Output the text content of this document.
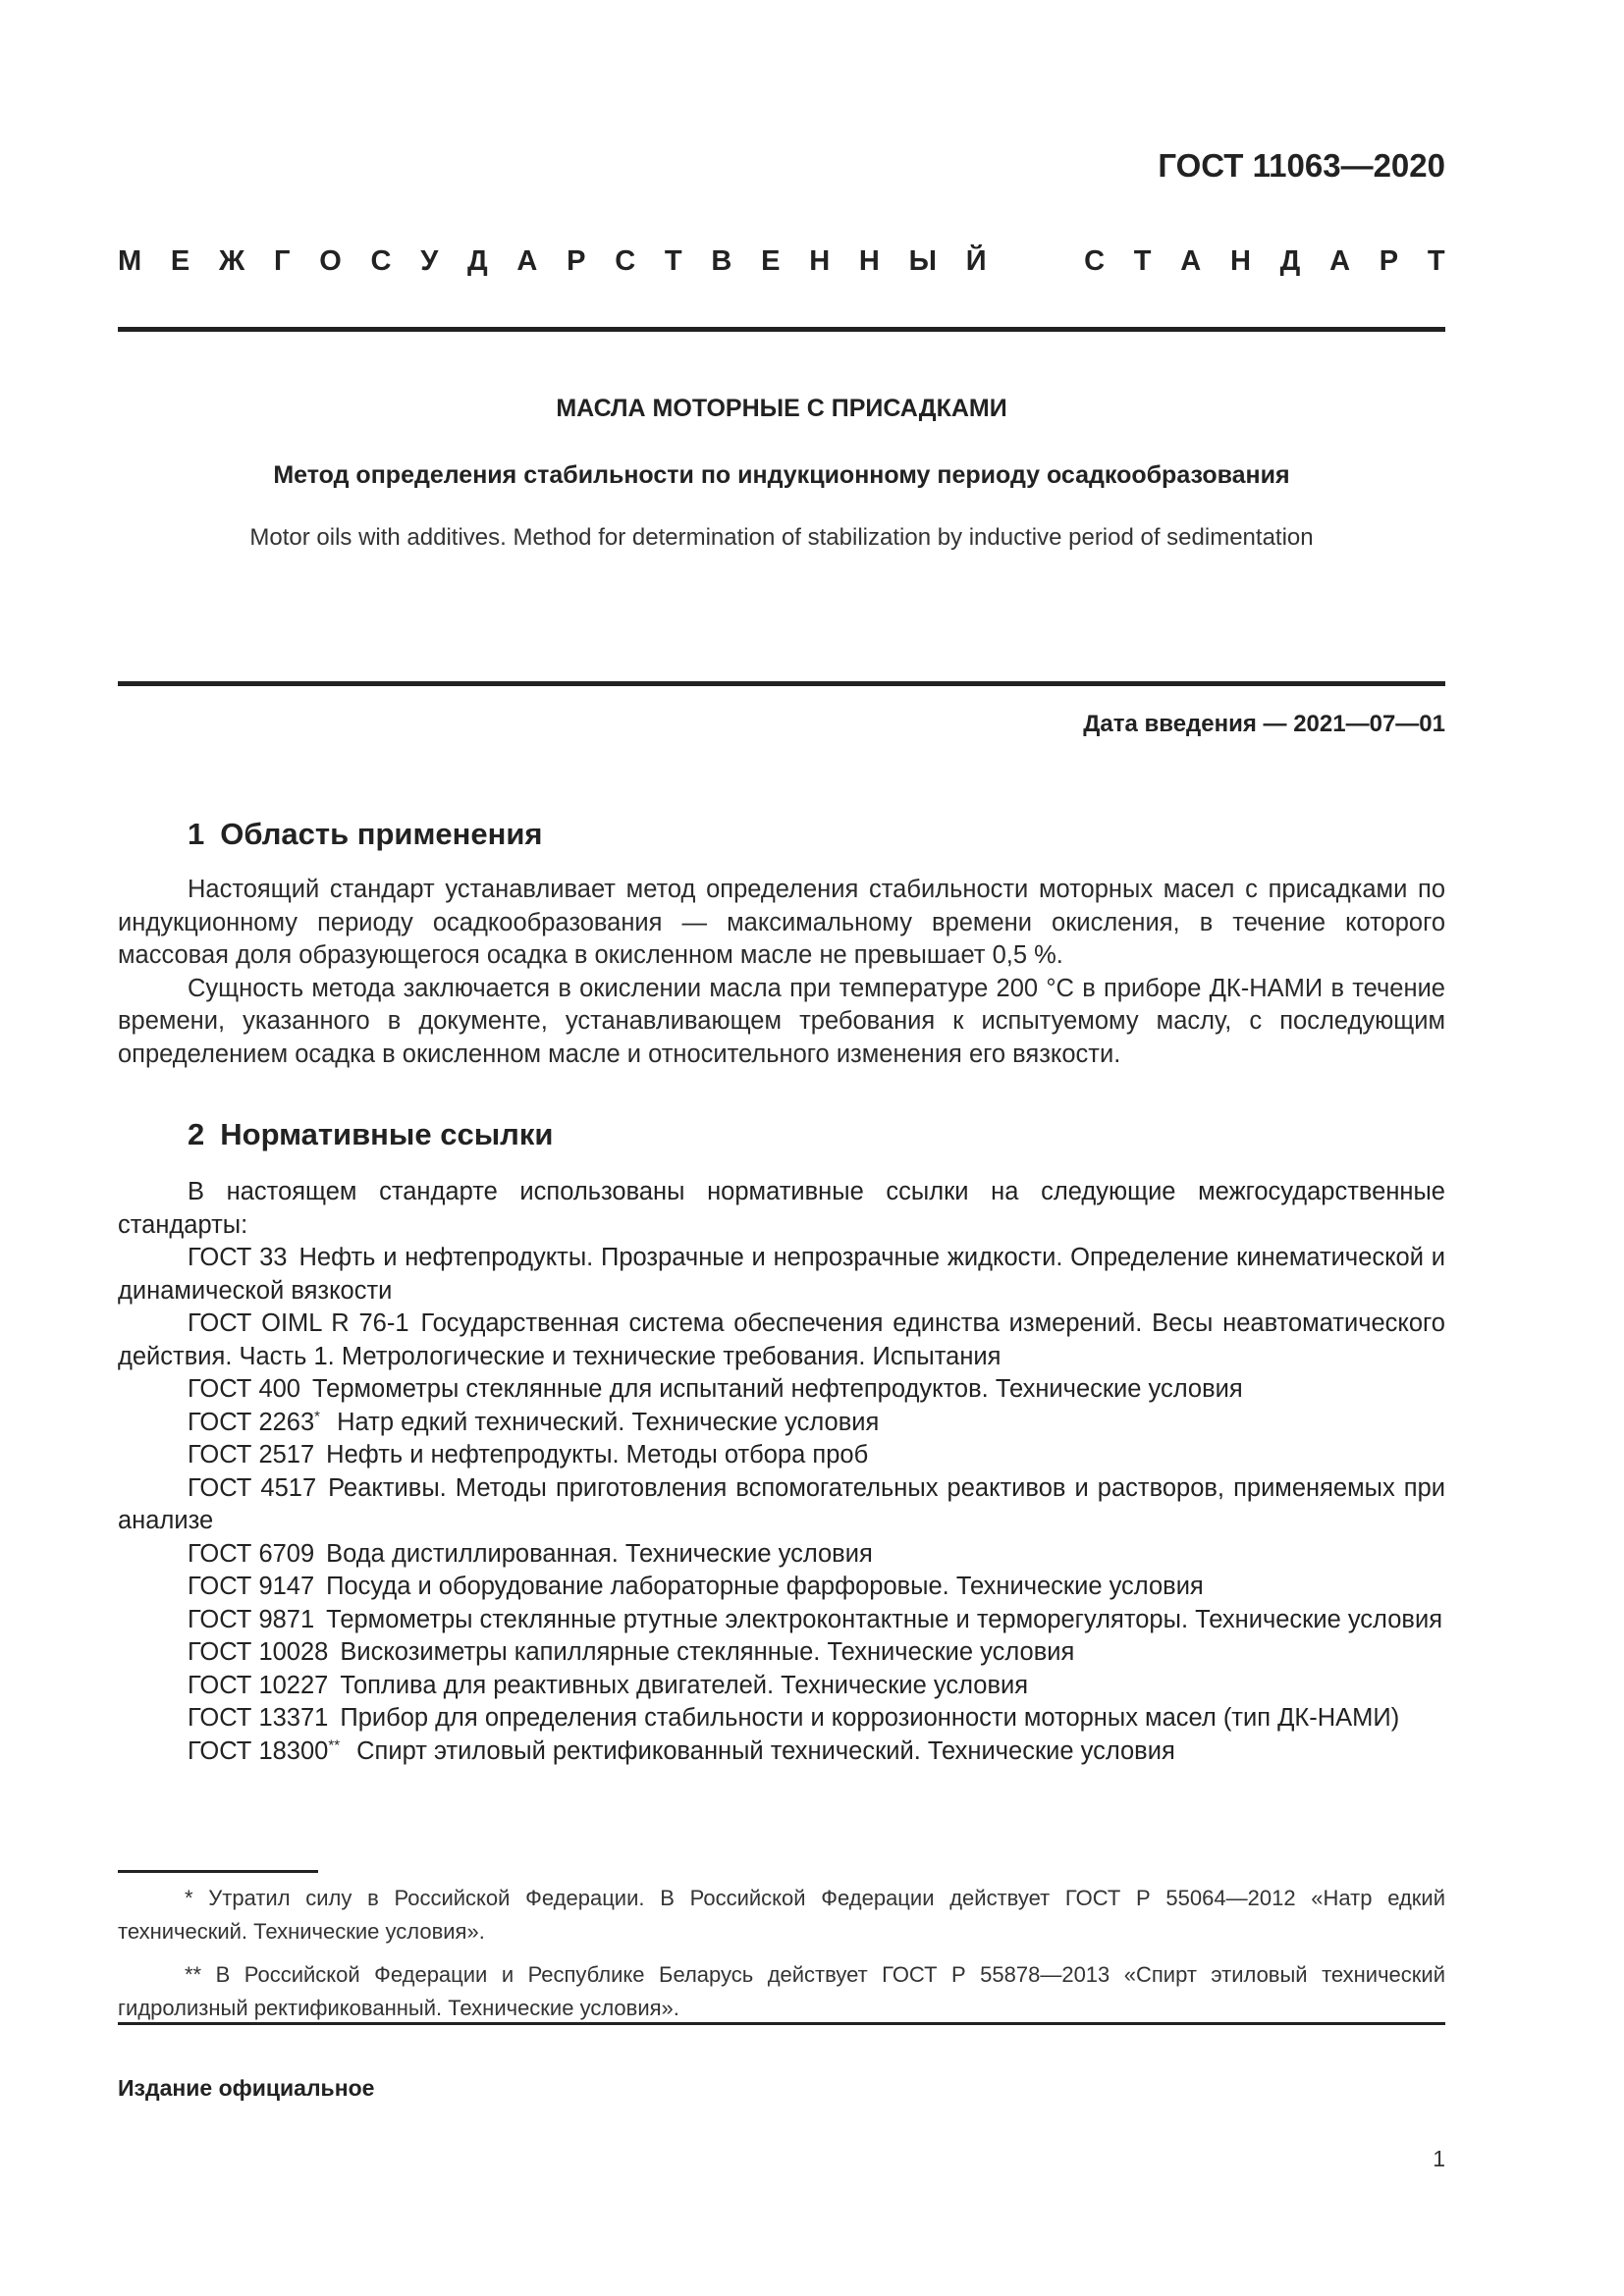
ГОСТ 11063—2020
М Е Ж Г О С У Д А Р С Т В Е Н Н Ы Й	С Т А Н Д А Р Т
МАСЛА МОТОРНЫЕ С ПРИСАДКАМИ
Метод определения стабильности по индукционному периоду осадкообразования
Motor oils with additives. Method for determination of stabilization by inductive period of sedimentation
Дата введения — 2021—07—01
1 Область применения

Настоящий стандарт устанавливает метод определения стабильности моторных масел с присадками по индукционному периоду осадкообразования — максимальному времени окисления, в течение которого массовая доля образующегося осадка в окисленном масле не превышает 0,5 %.

Сущность метода заключается в окислении масла при температуре 200 °С в приборе ДК-НАМИ в течение времени, указанного в документе, устанавливающем требования к испытуемому маслу, с последующим определением осадка в окисленном масле и относительного изменения его вязкости.

2 Нормативные ссылки

В настоящем стандарте использованы нормативные ссылки на следующие межгосударственные стандарты:

ГОСТ 33 Нефть и нефтепродукты. Прозрачные и непрозрачные жидкости. Определение кинематической и динамической вязкости

ГОСТ OIML R 76-1 Государственная система обеспечения единства измерений. Весы неавтоматического действия. Часть 1. Метрологические и технические требования. Испытания

ГОСТ 400 Термометры стеклянные для испытаний нефтепродуктов. Технические условия

ГОСТ 2263* Натр едкий технический. Технические условия

ГОСТ 2517 Нефть и нефтепродукты. Методы отбора проб

ГОСТ 4517 Реактивы. Методы приготовления вспомогательных реактивов и растворов, применяемых при анализе

ГОСТ 6709 Вода дистиллированная. Технические условия

ГОСТ 9147 Посуда и оборудование лабораторные фарфоровые. Технические условия

ГОСТ 9871 Термометры стеклянные ртутные электроконтактные и терморегуляторы. Технические условия

ГОСТ 10028 Вискозиметры капиллярные стеклянные. Технические условия

ГОСТ 10227 Топлива для реактивных двигателей. Технические условия

ГОСТ 13371 Прибор для определения стабильности и коррозионности моторных масел (тип ДК-НАМИ)

ГОСТ 18300** Спирт этиловый ректификованный технический. Технические условия

* Утратил силу в Российской Федерации. В Российской Федерации действует ГОСТ Р 55064—2012 «Натр едкий технический. Технические условия».

** В Российской Федерации и Республике Беларусь действует ГОСТ Р 55878—2013 «Спирт этиловый технический гидролизный ректификованный. Технические условия».

Издание официальное
1
